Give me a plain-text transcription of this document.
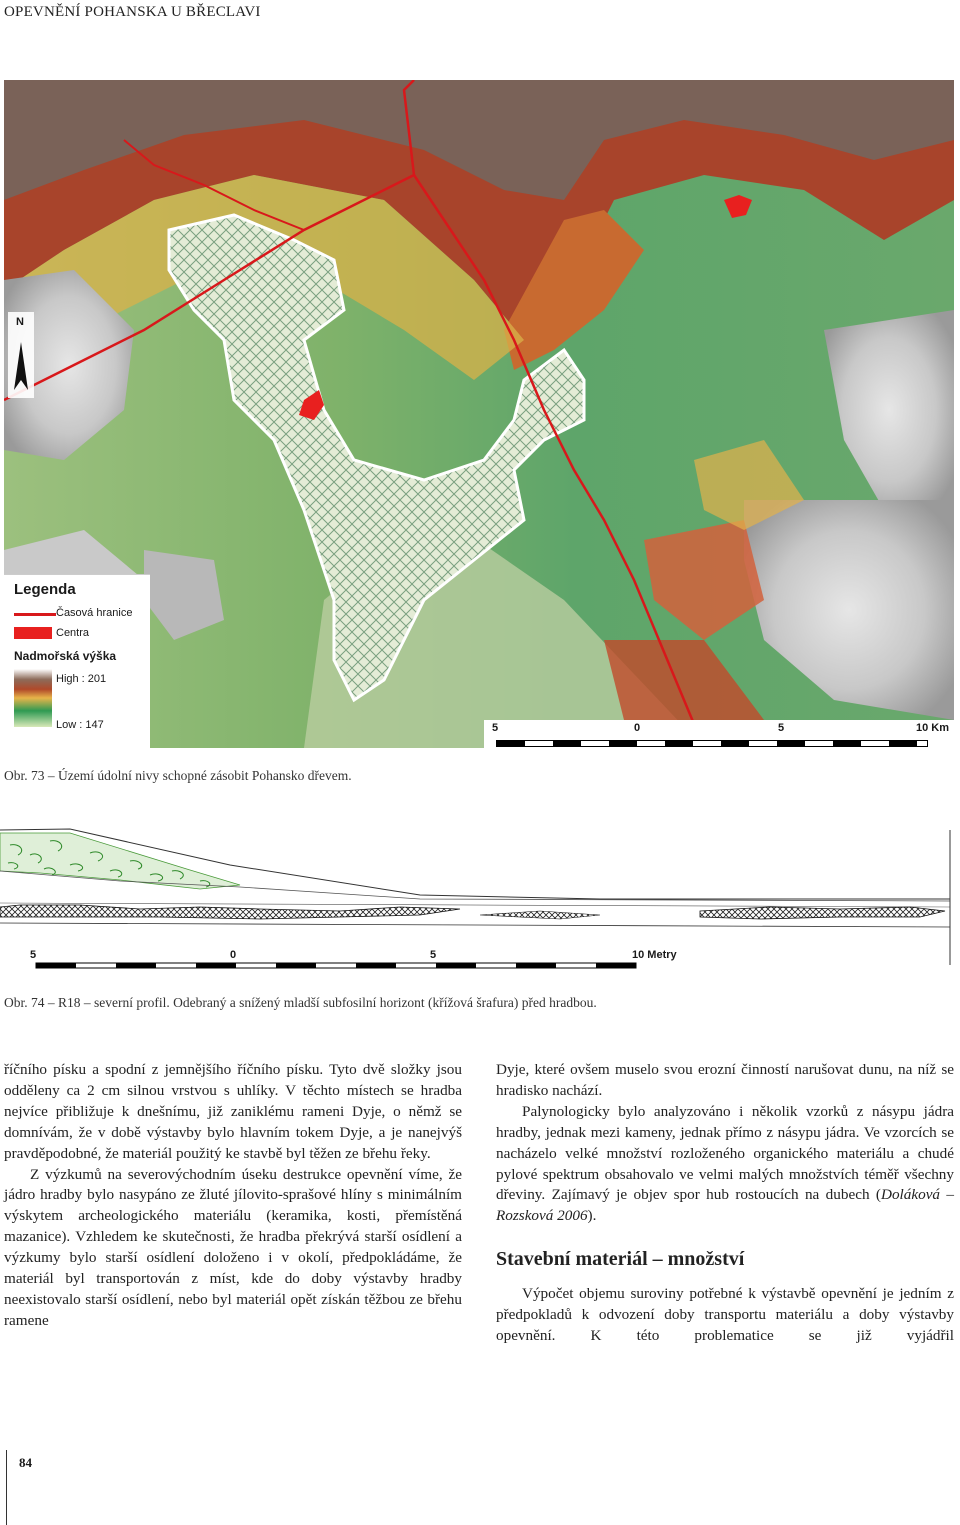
OPEVNĚNÍ POHANSKA U BŘECLAVI
N
Legenda
Časová hranice
Centra
Nadmořská výška
High : 201
Low : 147	5	0	5	10 Km
Obr. 73 – Území údolní nivy schopné zásobit Pohansko dřevem.
5	0	5	10 Metry
Obr. 74 – R18 – severní profil. Odebraný a snížený mladší subfosilní horizont (křížová šrafura) před hradbou.

říčního písku a spodní z jemnějšího říčního písku. Tyto dvě složky jsou odděleny ca 2 cm silnou vrstvou s uhlíky. V těchto místech se hradba nejvíce přibližuje k dnešnímu, již zaniklému rameni Dyje, o němž se domnívám, že v době výstavby bylo hlavním tokem Dyje, a je nanejvýš pravděpodobné, že materiál použitý ke stavbě byl těžen ze břehu řeky.

Z výzkumů na severovýchodním úseku destrukce opevnění víme, že jádro hradby bylo nasypáno ze žluté jílovito-sprašové hlíny s minimálním výskytem archeologického materiálu (keramika, kosti, přemístěná mazanice). Vzhledem ke skutečnosti, že hradba překrývá starší osídlení a výzkumy bylo starší osídlení doloženo i v okolí, předpokládáme, že materiál byl transportován z míst, kde do doby výstavby hradby neexistovalo starší osídlení, nebo byl materiál opět získán těžbou ze břehu ramene

Dyje, které ovšem muselo svou erozní činností narušovat dunu, na níž se hradisko nachází.

Palynologicky bylo analyzováno i několik vzorků z násypu jádra hradby, jednak mezi kameny, jednak přímo z násypu jádra. Ve vzorcích se nacházelo velké množství rozloženého organického materiálu a chudé pylové spektrum obsahovalo ve velmi malých množstvích téměř všechny dřeviny. Zajímavý je objev spor hub rostoucích na dubech (Doláková – Rozsková 2006).

Stavební materiál – množství

Výpočet objemu suroviny potřebné k výstavbě opevnění je jedním z předpokladů k odvození doby transportu materiálu a doby výstavby opevnění. K této problematice se již vyjádřil

84
